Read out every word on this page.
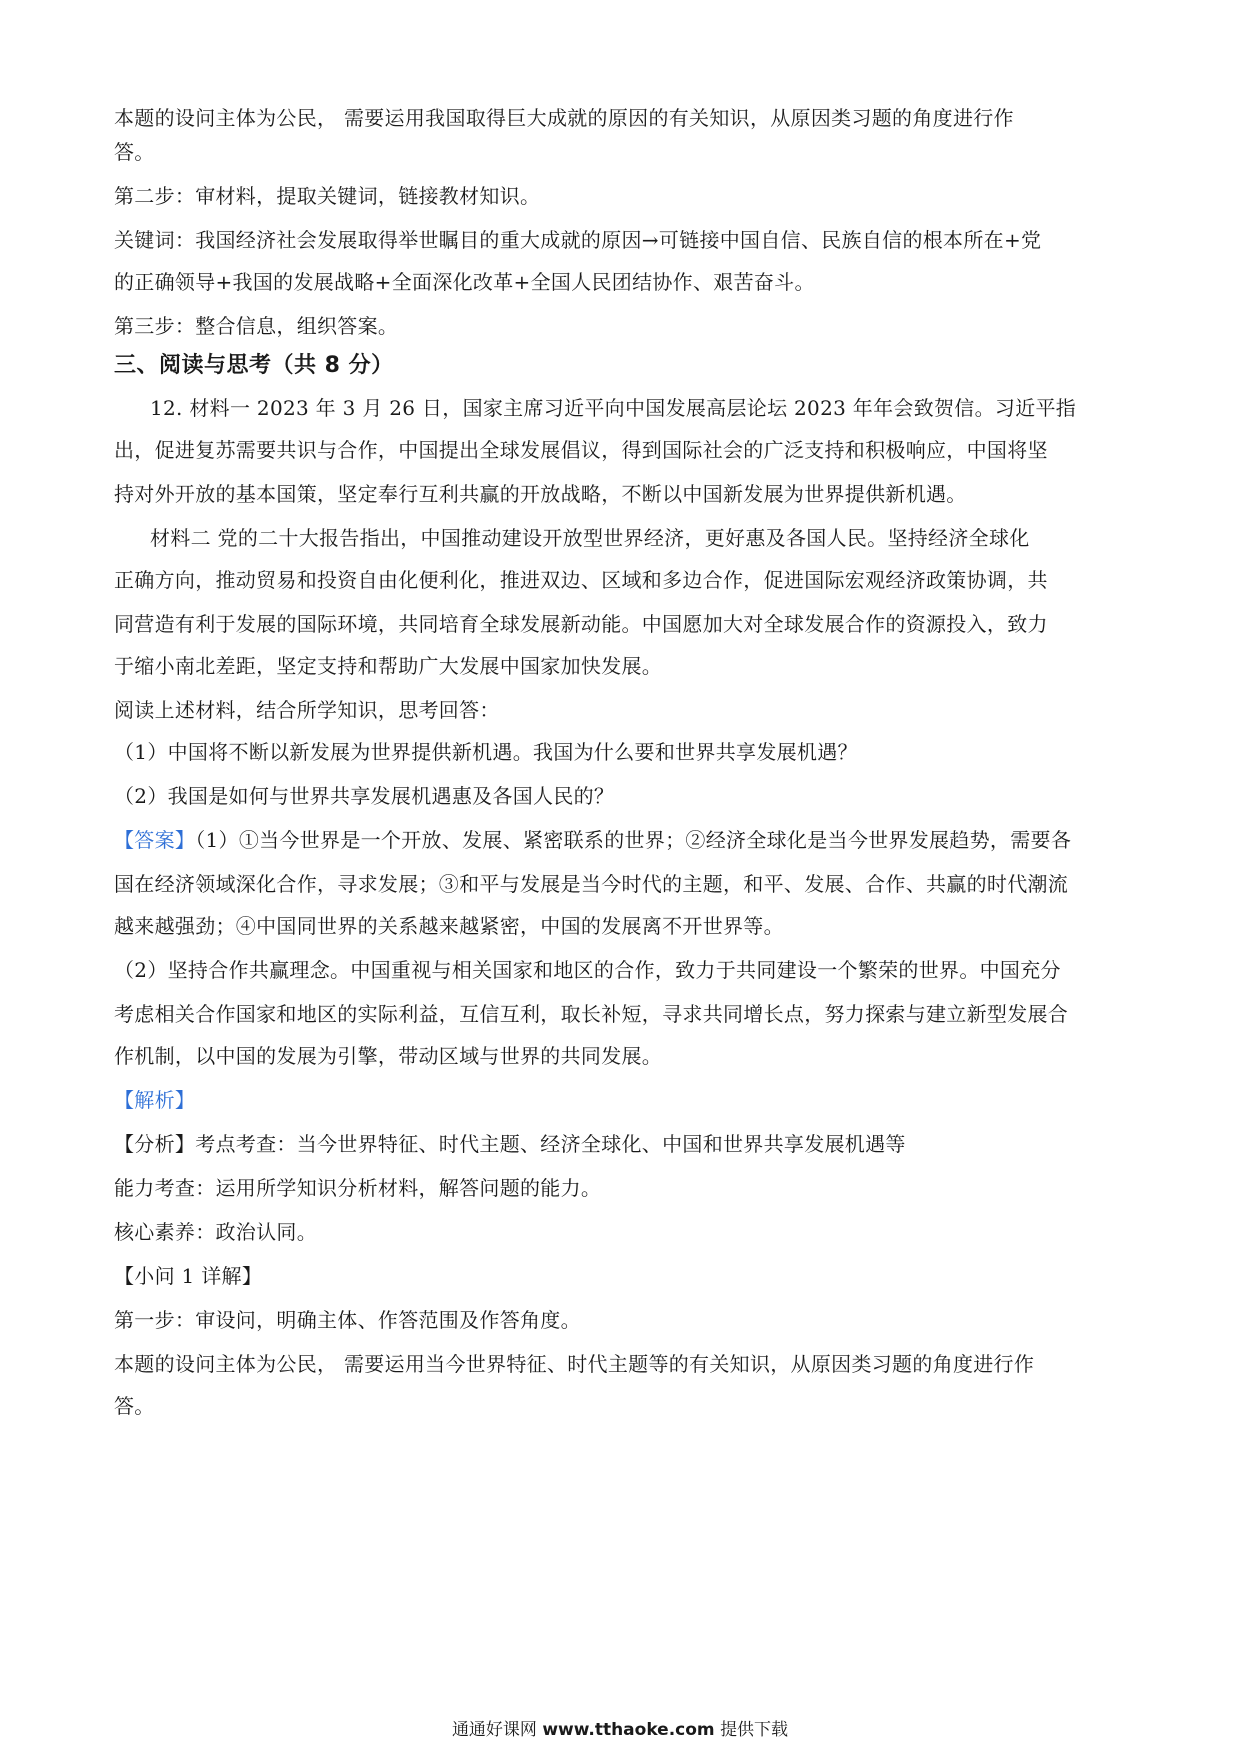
本题的设问主体为公民， 需要运用我国取得巨大成就的原因的有关知识，从原因类习题的角度进行作
答。
第二步：审材料，提取关键词，链接教材知识。
关键词：我国经济社会发展取得举世瞩目的重大成就的原因→可链接中国自信、民族自信的根本所在+党
的正确领导+我国的发展战略+全面深化改革+全国人民团结协作、艰苦奋斗。
第三步：整合信息，组织答案。
三、阅读与思考（共 8 分）
12. 材料一 2023 年 3 月 26 日，国家主席习近平向中国发展高层论坛 2023 年年会致贺信。习近平指
出，促进复苏需要共识与合作，中国提出全球发展倡议，得到国际社会的广泛支持和积极响应，中国将坚
持对外开放的基本国策，坚定奉行互利共赢的开放战略，不断以中国新发展为世界提供新机遇。
材料二 党的二十大报告指出，中国推动建设开放型世界经济，更好惠及各国人民。坚持经济全球化
正确方向，推动贸易和投资自由化便利化，推进双边、区域和多边合作，促进国际宏观经济政策协调，共
同营造有利于发展的国际环境，共同培育全球发展新动能。中国愿加大对全球发展合作的资源投入，致力
于缩小南北差距，坚定支持和帮助广大发展中国家加快发展。
阅读上述材料，结合所学知识，思考回答：
（1）中国将不断以新发展为世界提供新机遇。我国为什么要和世界共享发展机遇？
（2）我国是如何与世界共享发展机遇惠及各国人民的？
【答案】（1）①当今世界是一个开放、发展、紧密联系的世界；②经济全球化是当今世界发展趋势，需要各
国在经济领域深化合作，寻求发展；③和平与发展是当今时代的主题，和平、发展、合作、共赢的时代潮流
越来越强劲；④中国同世界的关系越来越紧密，中国的发展离不开世界等。
（2）坚持合作共赢理念。中国重视与相关国家和地区的合作，致力于共同建设一个繁荣的世界。中国充分
考虑相关合作国家和地区的实际利益，互信互利，取长补短，寻求共同增长点，努力探索与建立新型发展合
作机制，以中国的发展为引擎，带动区域与世界的共同发展。
【解析】
【分析】考点考查：当今世界特征、时代主题、经济全球化、中国和世界共享发展机遇等
能力考查：运用所学知识分析材料，解答问题的能力。
核心素养：政治认同。
【小问 1 详解】
第一步：审设问，明确主体、作答范围及作答角度。
本题的设问主体为公民， 需要运用当今世界特征、时代主题等的有关知识，从原因类习题的角度进行作
答。
通通好课网 www.tthaoke.com 提供下载
